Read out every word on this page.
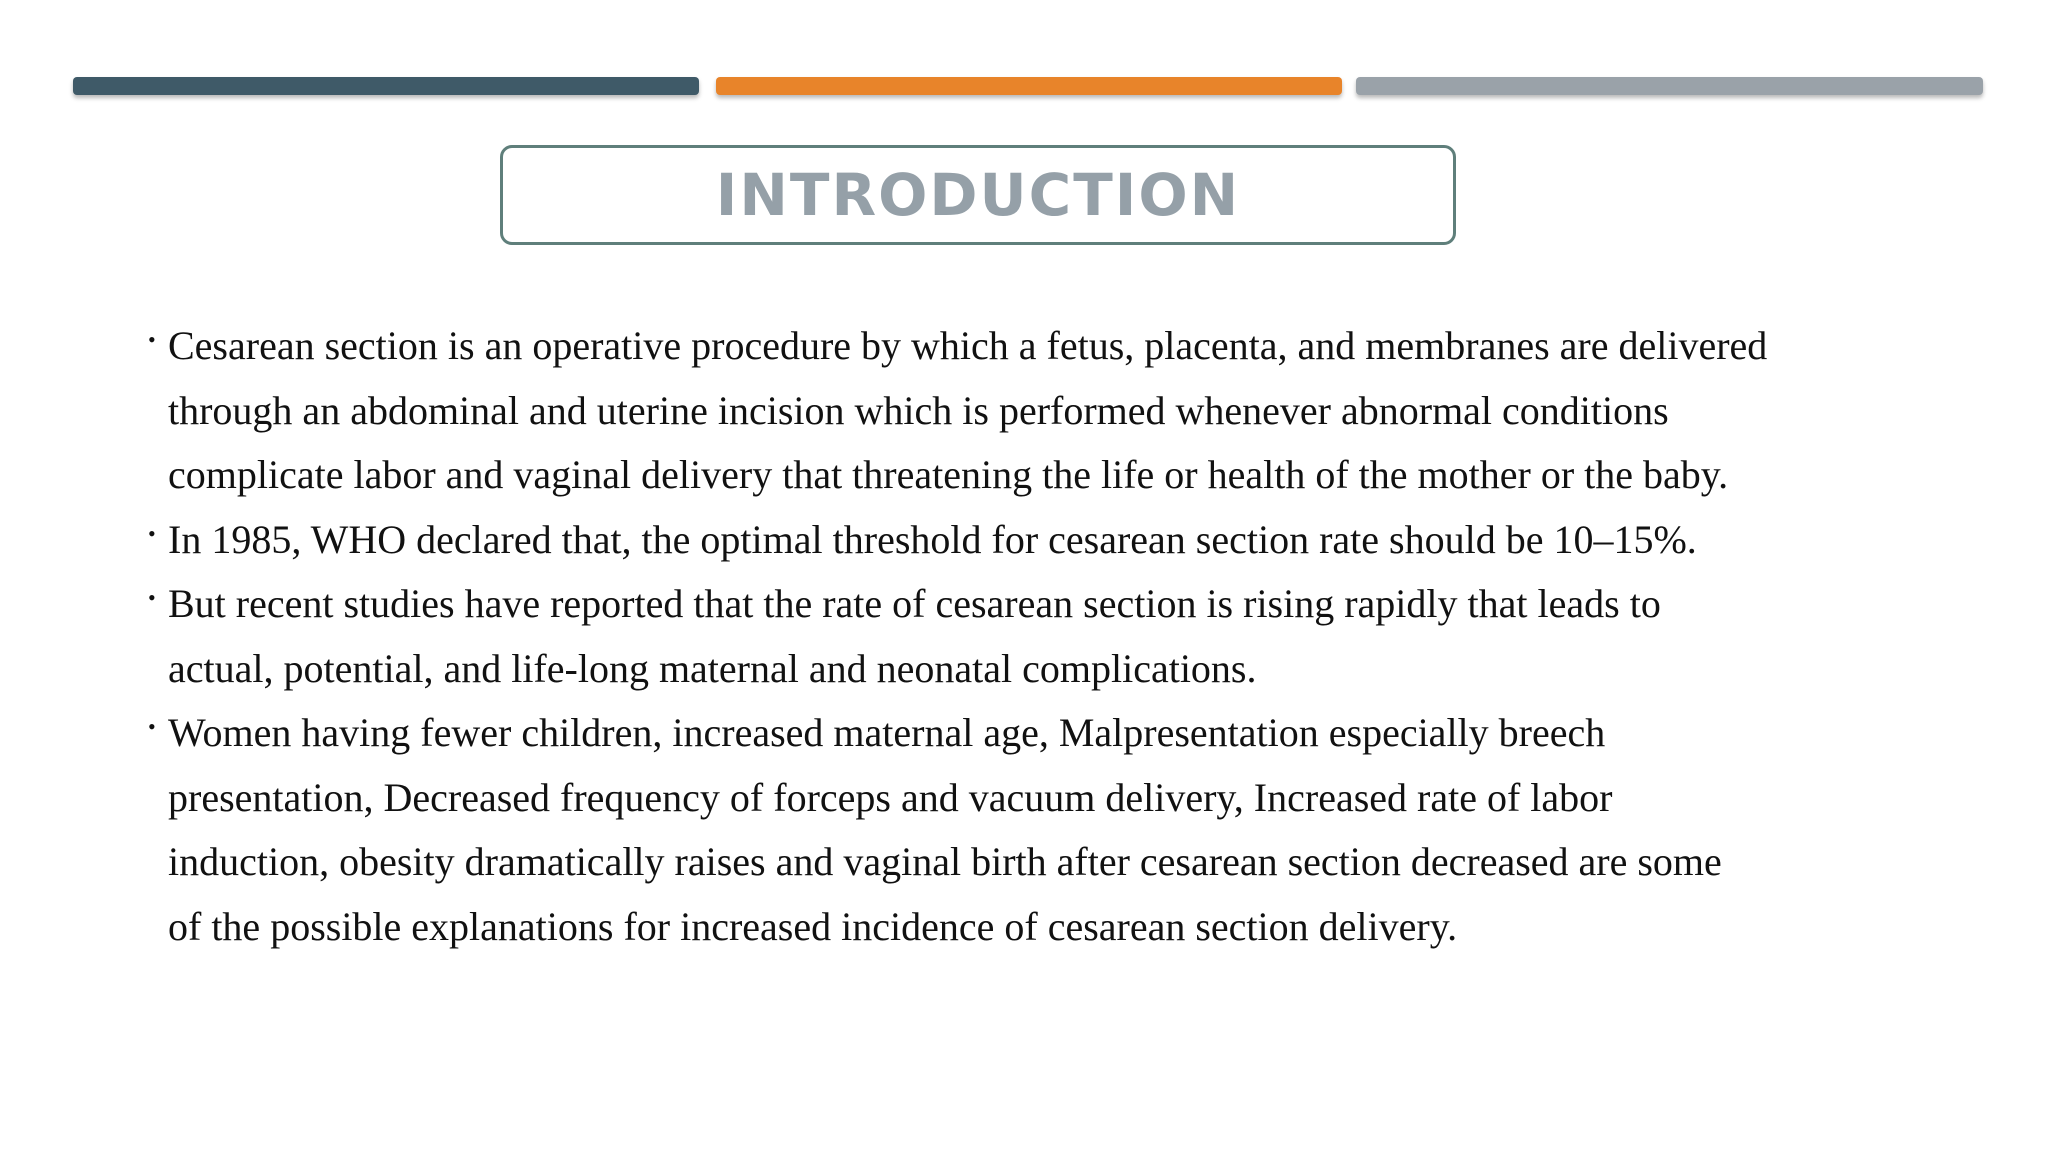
INTRODUCTION
• Cesarean section is an operative procedure by which a fetus, placenta, and membranes are delivered
through an abdominal and uterine incision which is performed whenever abnormal conditions
complicate labor and vaginal delivery that threatening the life or health of the mother or the baby.
• In 1985, WHO declared that, the optimal threshold for cesarean section rate should be 10–15%.
• But recent studies have reported that the rate of cesarean section is rising rapidly that leads to
actual, potential, and life-long maternal and neonatal complications.
• Women having fewer children, increased maternal age, Malpresentation especially breech
presentation, Decreased frequency of forceps and vacuum delivery, Increased rate of labor
induction, obesity dramatically raises and vaginal birth after cesarean section decreased are some
of the possible explanations for increased incidence of cesarean section delivery.
